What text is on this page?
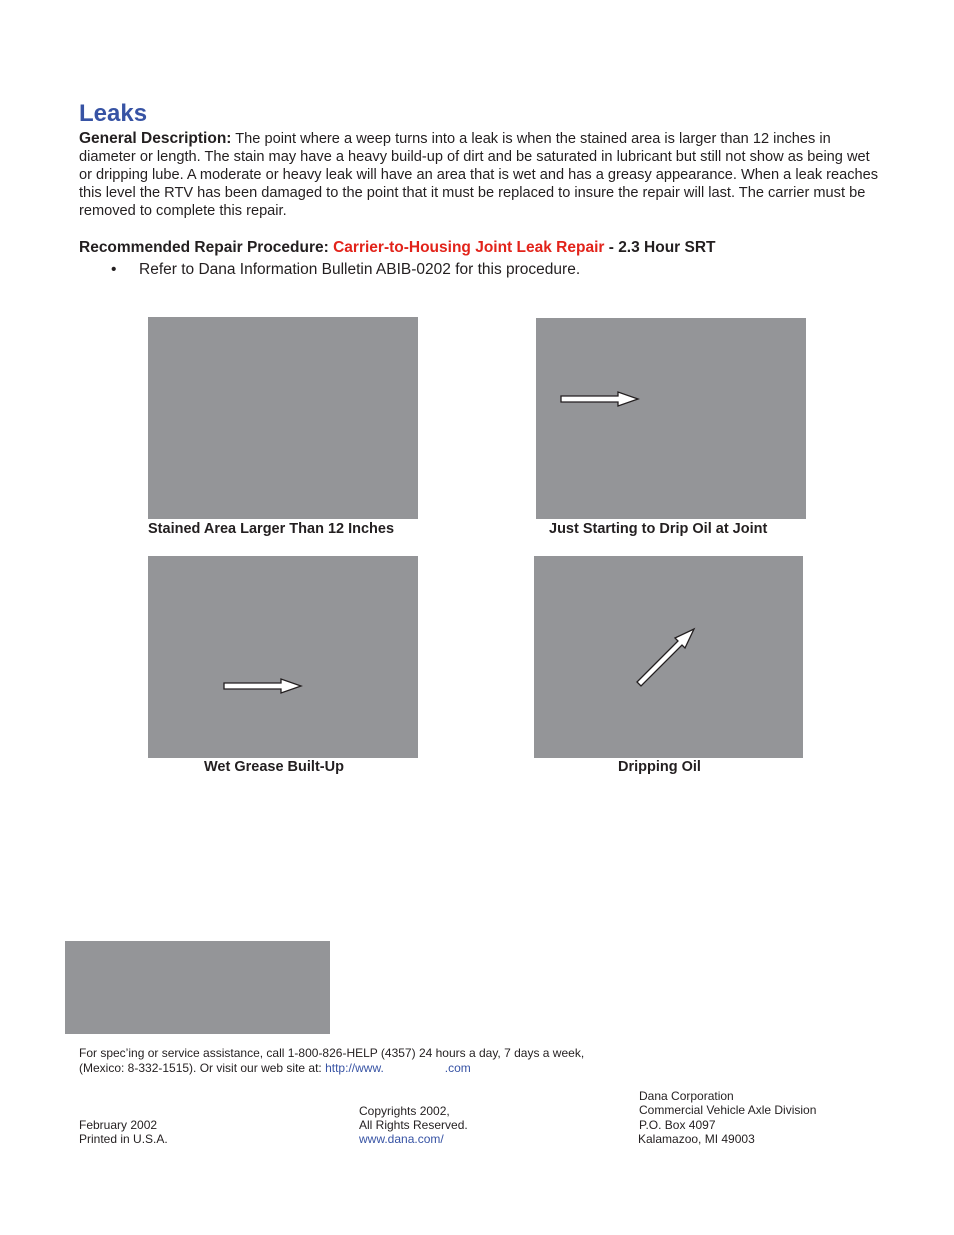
Leaks

General Description: The point where a weep turns into a leak is when the stained area is larger than 12 inches in diameter or length. The stain may have a heavy build-up of dirt and be saturated in lubricant but still not show as being wet or dripping lube. A moderate or heavy leak will have an area that is wet and has a greasy appearance. When a leak reaches this level the RTV has been damaged to the point that it must be replaced to insure the repair will last. The carrier must be removed to complete this repair.

Recommended Repair Procedure: Carrier-to-Housing Joint Leak Repair - 2.3 Hour SRT

• Refer to Dana Information Bulletin ABIB-0202 for this procedure.

Stained Area Larger Than 12 Inches	Just Starting to Drip Oil at Joint

Wet Grease Built-Up	Dripping Oil

For spec’ing or service assistance, call 1-800-826-HELP (4357) 24 hours a day, 7 days a week,

(Mexico: 8-332-1515). Or visit our web site at: http://www.	.com

February 2002

Printed in U.S.A.

Copyrights 2002,

All Rights Reserved.

www.dana.com/

Dana Corporation

Commercial Vehicle Axle Division

P.O. Box 4097

Kalamazoo, MI 49003
